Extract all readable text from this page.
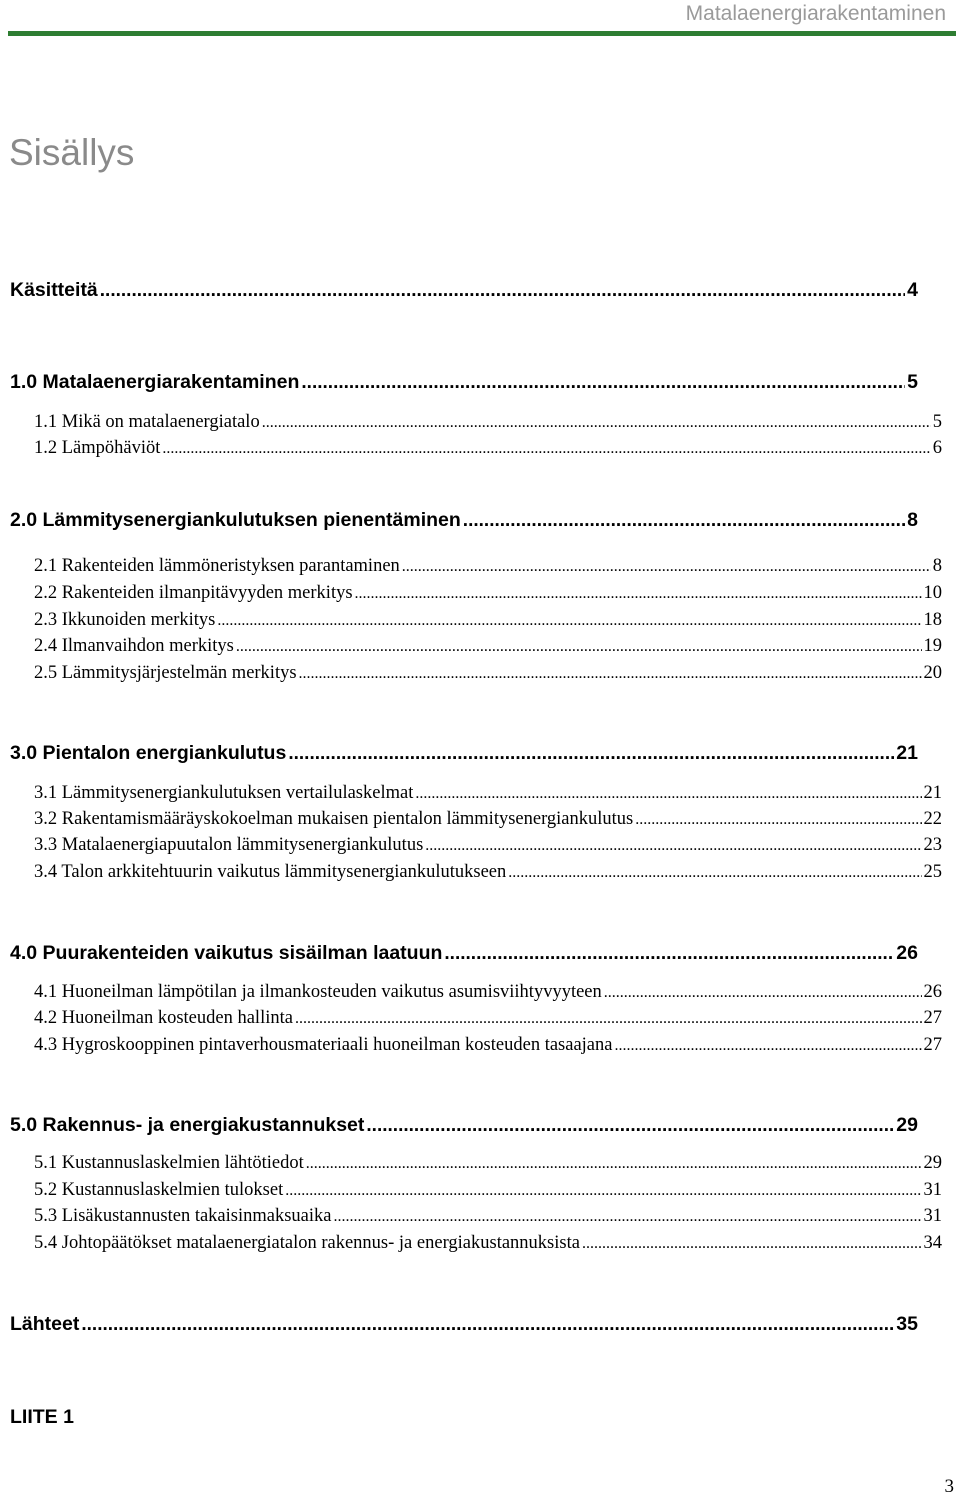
Matalaenergiarakentaminen
Sisällys
Käsitteitä .....	4
1.0 Matalaenergiarakentaminen .....	5
1.1 Mikä on matalaenergiatalo .....	5
1.2 Lämpöhäviöt .....	6
2.0 Lämmitysenergiankulutuksen pienentäminen .....	8
2.1 Rakenteiden lämmöneristyksen parantaminen .....	8
2.2 Rakenteiden ilmanpitävyyden merkitys .....	10
2.3 Ikkunoiden merkitys .....	18
2.4 Ilmanvaihdon merkitys .....	19
2.5 Lämmitysjärjestelmän merkitys .....	20
3.0 Pientalon energiankulutus .....	21
3.1 Lämmitysenergiankulutuksen vertailulaskelmat .....	21
3.2 Rakentamismääräyskokoelman mukaisen pientalon lämmitysenergiankulutus .....	22
3.3 Matalaenergiapuutalon lämmitysenergiankulutus .....	23
3.4 Talon arkkitehtuurin vaikutus lämmitysenergiankulutukseen .....	25
4.0 Puurakenteiden vaikutus sisäilman laatuun .....	26
4.1 Huoneilman lämpötilan ja ilmankosteuden vaikutus asumisviihtyvyyteen .....	26
4.2 Huoneilman kosteuden hallinta .....	27
4.3 Hygroskooppinen pintaverhousmateriaali huoneilman kosteuden tasaajana .....	27
5.0 Rakennus- ja energiakustannukset .....	29
5.1 Kustannuslaskelmien lähtötiedot .....	29
5.2 Kustannuslaskelmien tulokset .....	31
5.3 Lisäkustannusten takaisinmaksuaika .....	31
5.4 Johtopäätökset matalaenergiatalon rakennus- ja energiakustannuksista .....	34
Lähteet .....	35
LIITE 1
3
